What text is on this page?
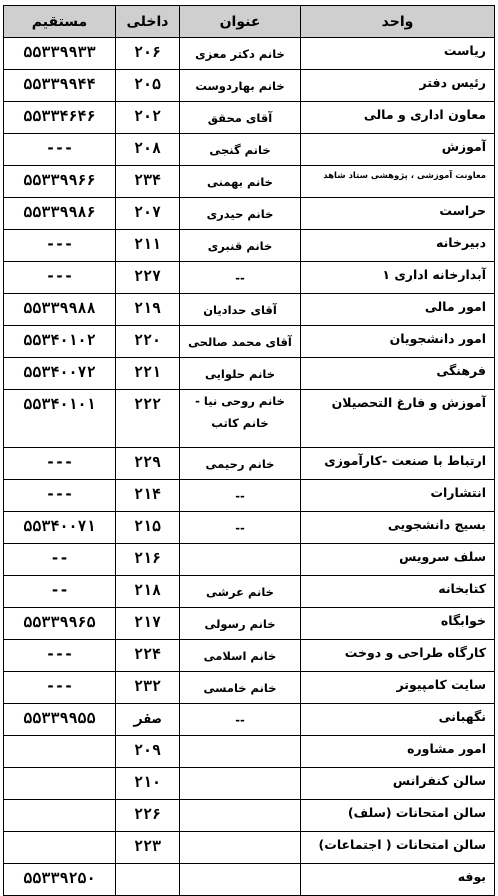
واحد	عنوان	داخلی	مستقیم
ریاست	خانم دکتر معزی	۲۰۶	۵۵۳۳۹۹۳۳
رئیس دفتر	خانم بهاردوست	۲۰۵	۵۵۳۳۹۹۴۴
معاون اداری و مالی	آقای محقق	۲۰۲	۵۵۳۳۴۶۴۶
آموزش	خانم گنجی	۲۰۸	---
معاونت آموزشی ، پژوهشی ستاد شاهد	خانم بهمنی	۲۳۴	۵۵۳۳۹۹۶۶
حراست	خانم حیدری	۲۰۷	۵۵۳۳۹۹۸۶
دبیرخانه	خانم قنبری	۲۱۱	---
آبدارخانه اداری ۱	--	۲۲۷	---
امور مالی	آقای حدادیان	۲۱۹	۵۵۳۳۹۹۸۸
امور دانشجویان	آقای محمد صالحی	۲۲۰	۵۵۳۴۰۱۰۲
فرهنگی	خانم حلوایی	۲۲۱	۵۵۳۴۰۰۷۲
آموزش و فارغ التحصیلان	خانم روحی نیا - خانم کاتب	۲۲۲	۵۵۳۴۰۱۰۱
ارتباط با صنعت -کارآموزی	خانم رحیمی	۲۲۹	---
انتشارات	--	۲۱۴	---
بسیج دانشجویی	--	۲۱۵	۵۵۳۴۰۰۷۱
سلف سرویس		۲۱۶	--
کتابخانه	خانم عرشی	۲۱۸	--
خوابگاه	خانم رسولی	۲۱۷	۵۵۳۳۹۹۶۵
کارگاه طراحی و دوخت	خانم اسلامی	۲۲۴	---
سایت کامپیوتر	خانم خامسی	۲۳۲	---
نگهبانی	--	صفر	۵۵۳۳۹۹۵۵
امور مشاوره		۲۰۹	
سالن کنفرانس		۲۱۰	
سالن امتحانات (سلف)		۲۲۶	
سالن امتحانات ( اجتماعات)		۲۲۳	
بوفه			۵۵۳۳۹۲۵۰
